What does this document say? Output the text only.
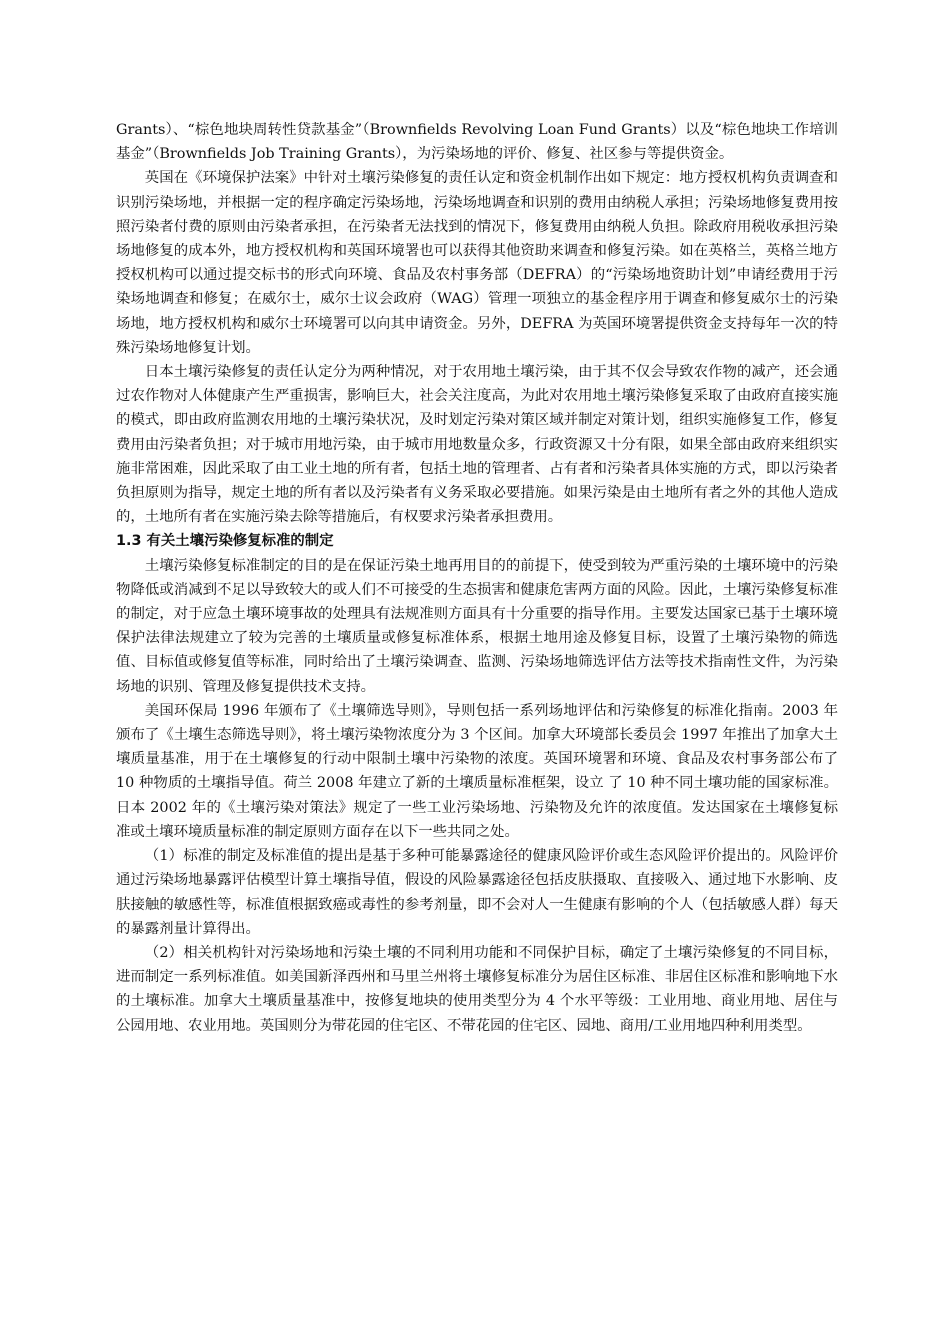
Grants）、“棕色地块周转性贷款基金”（Brownfields Revolving Loan Fund Grants）以及“棕色地块工作培训基金”（Brownfields Job Training Grants），为污染场地的评价、修复、社区参与等提供资金。

英国在《环境保护法案》中针对土壤污染修复的责任认定和资金机制作出如下规定：地方授权机构负责调查和识别污染场地，并根据一定的程序确定污染场地，污染场地调查和识别的费用由纳税人承担；污染场地修复费用按照污染者付费的原则由污染者承担，在污染者无法找到的情况下，修复费用由纳税人负担。除政府用税收承担污染场地修复的成本外，地方授权机构和英国环境署也可以获得其他资助来调查和修复污染。如在英格兰，英格兰地方授权机构可以通过提交标书的形式向环境、食品及农村事务部（DEFRA）的“污染场地资助计划”申请经费用于污染场地调查和修复；在威尔士，威尔士议会政府（WAG）管理一项独立的基金程序用于调查和修复威尔士的污染场地，地方授权机构和威尔士环境署可以向其申请资金。另外，DEFRA 为英国环境署提供资金支持每年一次的特殊污染场地修复计划。

日本土壤污染修复的责任认定分为两种情况，对于农用地土壤污染，由于其不仅会导致农作物的减产，还会通过农作物对人体健康产生严重损害，影响巨大，社会关注度高，为此对农用地土壤污染修复采取了由政府直接实施的模式，即由政府监测农用地的土壤污染状况，及时划定污染对策区域并制定对策计划，组织实施修复工作，修复费用由污染者负担；对于城市用地污染，由于城市用地数量众多，行政资源又十分有限，如果全部由政府来组织实施非常困难，因此采取了由工业土地的所有者，包括土地的管理者、占有者和污染者具体实施的方式，即以污染者负担原则为指导，规定土地的所有者以及污染者有义务采取必要措施。如果污染是由土地所有者之外的其他人造成的，土地所有者在实施污染去除等措施后，有权要求污染者承担费用。

1.3 有关土壤污染修复标准的制定

土壤污染修复标准制定的目的是在保证污染土地再用目的的前提下，使受到较为严重污染的土壤环境中的污染物降低或消减到不足以导致较大的或人们不可接受的生态损害和健康危害两方面的风险。因此，土壤污染修复标准的制定，对于应急土壤环境事故的处理具有法规准则方面具有十分重要的指导作用。主要发达国家已基于土壤环境保护法律法规建立了较为完善的土壤质量或修复标准体系，根据土地用途及修复目标，设置了土壤污染物的筛选值、目标值或修复值等标准，同时给出了土壤污染调查、监测、污染场地筛选评估方法等技术指南性文件，为污染场地的识别、管理及修复提供技术支持。

美国环保局 1996 年颁布了《土壤筛选导则》，导则包括一系列场地评估和污染修复的标准化指南。2003 年颁布了《土壤生态筛选导则》，将土壤污染物浓度分为 3 个区间。加拿大环境部长委员会 1997 年推出了加拿大土壤质量基准，用于在土壤修复的行动中限制土壤中污染物的浓度。英国环境署和环境、食品及农村事务部公布了 10 种物质的土壤指导值。荷兰 2008 年建立了新的土壤质量标准框架，设立 了 10 种不同土壤功能的国家标准。日本 2002 年的《土壤污染对策法》规定了一些工业污染场地、污染物及允许的浓度值。发达国家在土壤修复标准或土壤环境质量标准的制定原则方面存在以下一些共同之处。

（1）标准的制定及标准值的提出是基于多种可能暴露途径的健康风险评价或生态风险评价提出的。风险评价通过污染场地暴露评估模型计算土壤指导值，假设的风险暴露途径包括皮肤摄取、直接吸入、通过地下水影响、皮肤接触的敏感性等，标准值根据致癌或毒性的参考剂量，即不会对人一生健康有影响的个人（包括敏感人群）每天的暴露剂量计算得出。

（2）相关机构针对污染场地和污染土壤的不同利用功能和不同保护目标，确定了土壤污染修复的不同目标，进而制定一系列标准值。如美国新泽西州和马里兰州将土壤修复标准分为居住区标准、非居住区标准和影响地下水的土壤标准。加拿大土壤质量基准中，按修复地块的使用类型分为 4 个水平等级：工业用地、商业用地、居住与公园用地、农业用地。英国则分为带花园的住宅区、不带花园的住宅区、园地、商用/工业用地四种利用类型。
